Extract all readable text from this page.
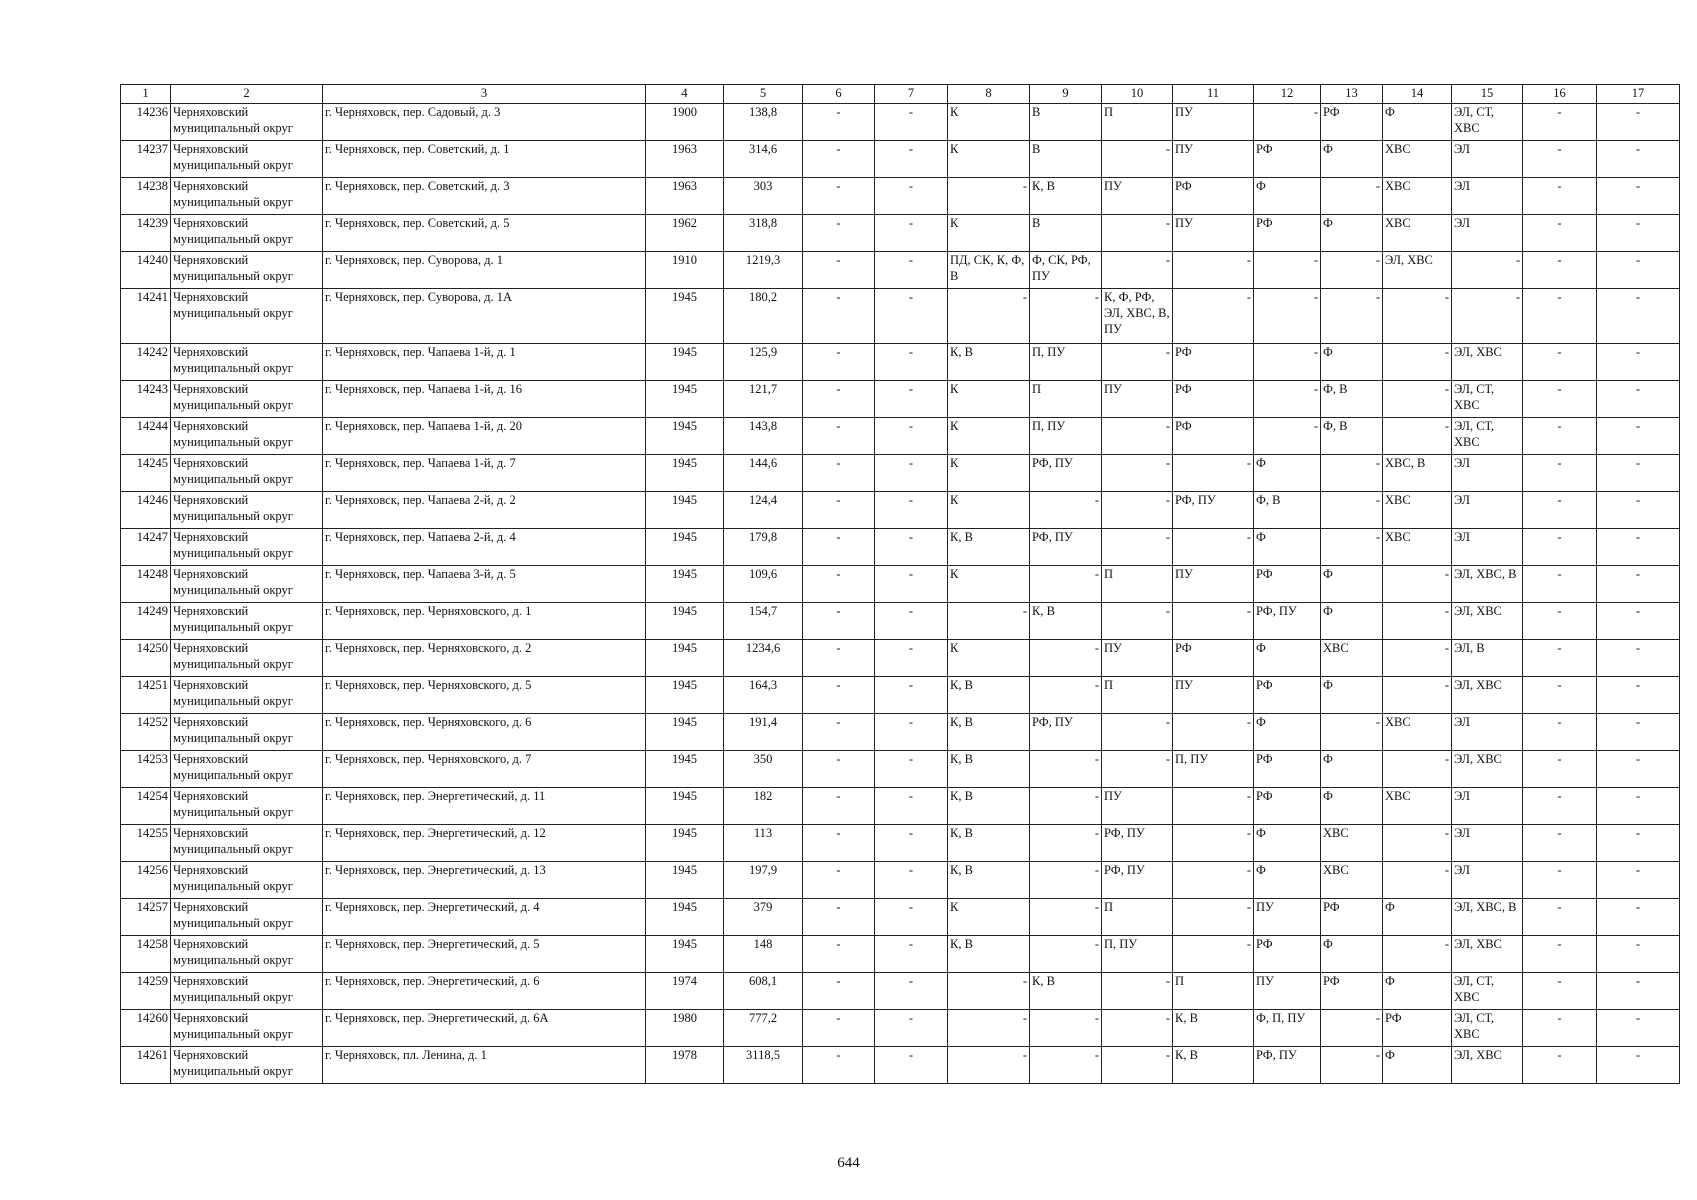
1	2	3	4	5	6	7	8	9	10	11	12	13	14	15	16	17
14236	Черняховский муниципальный округ	г. Черняховск, пер. Садовый, д. 3	1900	138,8	-	-	К	В	П	ПУ	-	РФ	Ф	ЭЛ, СТ, ХВС	-	-
14237	Черняховский муниципальный округ	г. Черняховск, пер. Советский, д. 1	1963	314,6	-	-	К	В	-	ПУ	РФ	Ф	ХВС	ЭЛ	-	-
14238	Черняховский муниципальный округ	г. Черняховск, пер. Советский, д. 3	1963	303	-	-	-	К, В	ПУ	РФ	Ф	-	ХВС	ЭЛ	-	-
14239	Черняховский муниципальный округ	г. Черняховск, пер. Советский, д. 5	1962	318,8	-	-	К	В	-	ПУ	РФ	Ф	ХВС	ЭЛ	-	-
14240	Черняховский муниципальный округ	г. Черняховск, пер. Суворова, д. 1	1910	1219,3	-	-	ПД, СК, К, Ф, В	Ф, СК, РФ, ПУ	-	-	-	-	ЭЛ, ХВС	-	-	-
14241	Черняховский муниципальный округ	г. Черняховск, пер. Суворова, д. 1А	1945	180,2	-	-	-	-	К, Ф, РФ, ЭЛ, ХВС, В, ПУ	-	-	-	-	-	-	-
14242	Черняховский муниципальный округ	г. Черняховск, пер. Чапаева 1-й, д. 1	1945	125,9	-	-	К, В	П, ПУ	-	РФ	-	Ф	-	ЭЛ, ХВС	-	-
14243	Черняховский муниципальный округ	г. Черняховск, пер. Чапаева 1-й, д. 16	1945	121,7	-	-	К	П	ПУ	РФ	-	Ф, В	-	ЭЛ, СТ, ХВС	-	-
14244	Черняховский муниципальный округ	г. Черняховск, пер. Чапаева 1-й, д. 20	1945	143,8	-	-	К	П, ПУ	-	РФ	-	Ф, В	-	ЭЛ, СТ, ХВС	-	-
14245	Черняховский муниципальный округ	г. Черняховск, пер. Чапаева 1-й, д. 7	1945	144,6	-	-	К	РФ, ПУ	-	-	Ф	-	ХВС, В	ЭЛ	-	-
14246	Черняховский муниципальный округ	г. Черняховск, пер. Чапаева 2-й, д. 2	1945	124,4	-	-	К	-	-	РФ, ПУ	Ф, В	-	ХВС	ЭЛ	-	-
14247	Черняховский муниципальный округ	г. Черняховск, пер. Чапаева 2-й, д. 4	1945	179,8	-	-	К, В	РФ, ПУ	-	-	Ф	-	ХВС	ЭЛ	-	-
14248	Черняховский муниципальный округ	г. Черняховск, пер. Чапаева 3-й, д. 5	1945	109,6	-	-	К	-	П	ПУ	РФ	Ф	-	ЭЛ, ХВС, В	-	-
14249	Черняховский муниципальный округ	г. Черняховск, пер. Черняховского, д. 1	1945	154,7	-	-	-	К, В	-	-	РФ, ПУ	Ф	-	ЭЛ, ХВС	-	-
14250	Черняховский муниципальный округ	г. Черняховск, пер. Черняховского, д. 2	1945	1234,6	-	-	К	-	ПУ	РФ	Ф	ХВС	-	ЭЛ, В	-	-
14251	Черняховский муниципальный округ	г. Черняховск, пер. Черняховского, д. 5	1945	164,3	-	-	К, В	-	П	ПУ	РФ	Ф	-	ЭЛ, ХВС	-	-
14252	Черняховский муниципальный округ	г. Черняховск, пер. Черняховского, д. 6	1945	191,4	-	-	К, В	РФ, ПУ	-	-	Ф	-	ХВС	ЭЛ	-	-
14253	Черняховский муниципальный округ	г. Черняховск, пер. Черняховского, д. 7	1945	350	-	-	К, В	-	-	П, ПУ	РФ	Ф	-	ЭЛ, ХВС	-	-
14254	Черняховский муниципальный округ	г. Черняховск, пер. Энергетический, д. 11	1945	182	-	-	К, В	-	ПУ	-	РФ	Ф	ХВС	ЭЛ	-	-
14255	Черняховский муниципальный округ	г. Черняховск, пер. Энергетический, д. 12	1945	113	-	-	К, В	-	РФ, ПУ	-	Ф	ХВС	-	ЭЛ	-	-
14256	Черняховский муниципальный округ	г. Черняховск, пер. Энергетический, д. 13	1945	197,9	-	-	К, В	-	РФ, ПУ	-	Ф	ХВС	-	ЭЛ	-	-
14257	Черняховский муниципальный округ	г. Черняховск, пер. Энергетический, д. 4	1945	379	-	-	К	-	П	-	ПУ	РФ	Ф	ЭЛ, ХВС, В	-	-
14258	Черняховский муниципальный округ	г. Черняховск, пер. Энергетический, д. 5	1945	148	-	-	К, В	-	П, ПУ	-	РФ	Ф	-	ЭЛ, ХВС	-	-
14259	Черняховский муниципальный округ	г. Черняховск, пер. Энергетический, д. 6	1974	608,1	-	-	-	К, В	-	П	ПУ	РФ	Ф	ЭЛ, СТ, ХВС	-	-
14260	Черняховский муниципальный округ	г. Черняховск, пер. Энергетический, д. 6А	1980	777,2	-	-	-	-	-	К, В	Ф, П, ПУ	-	РФ	ЭЛ, СТ, ХВС	-	-
14261	Черняховский муниципальный округ	г. Черняховск, пл. Ленина, д. 1	1978	3118,5	-	-	-	-	-	К, В	РФ, ПУ	-	Ф	ЭЛ, ХВС	-	-
644
